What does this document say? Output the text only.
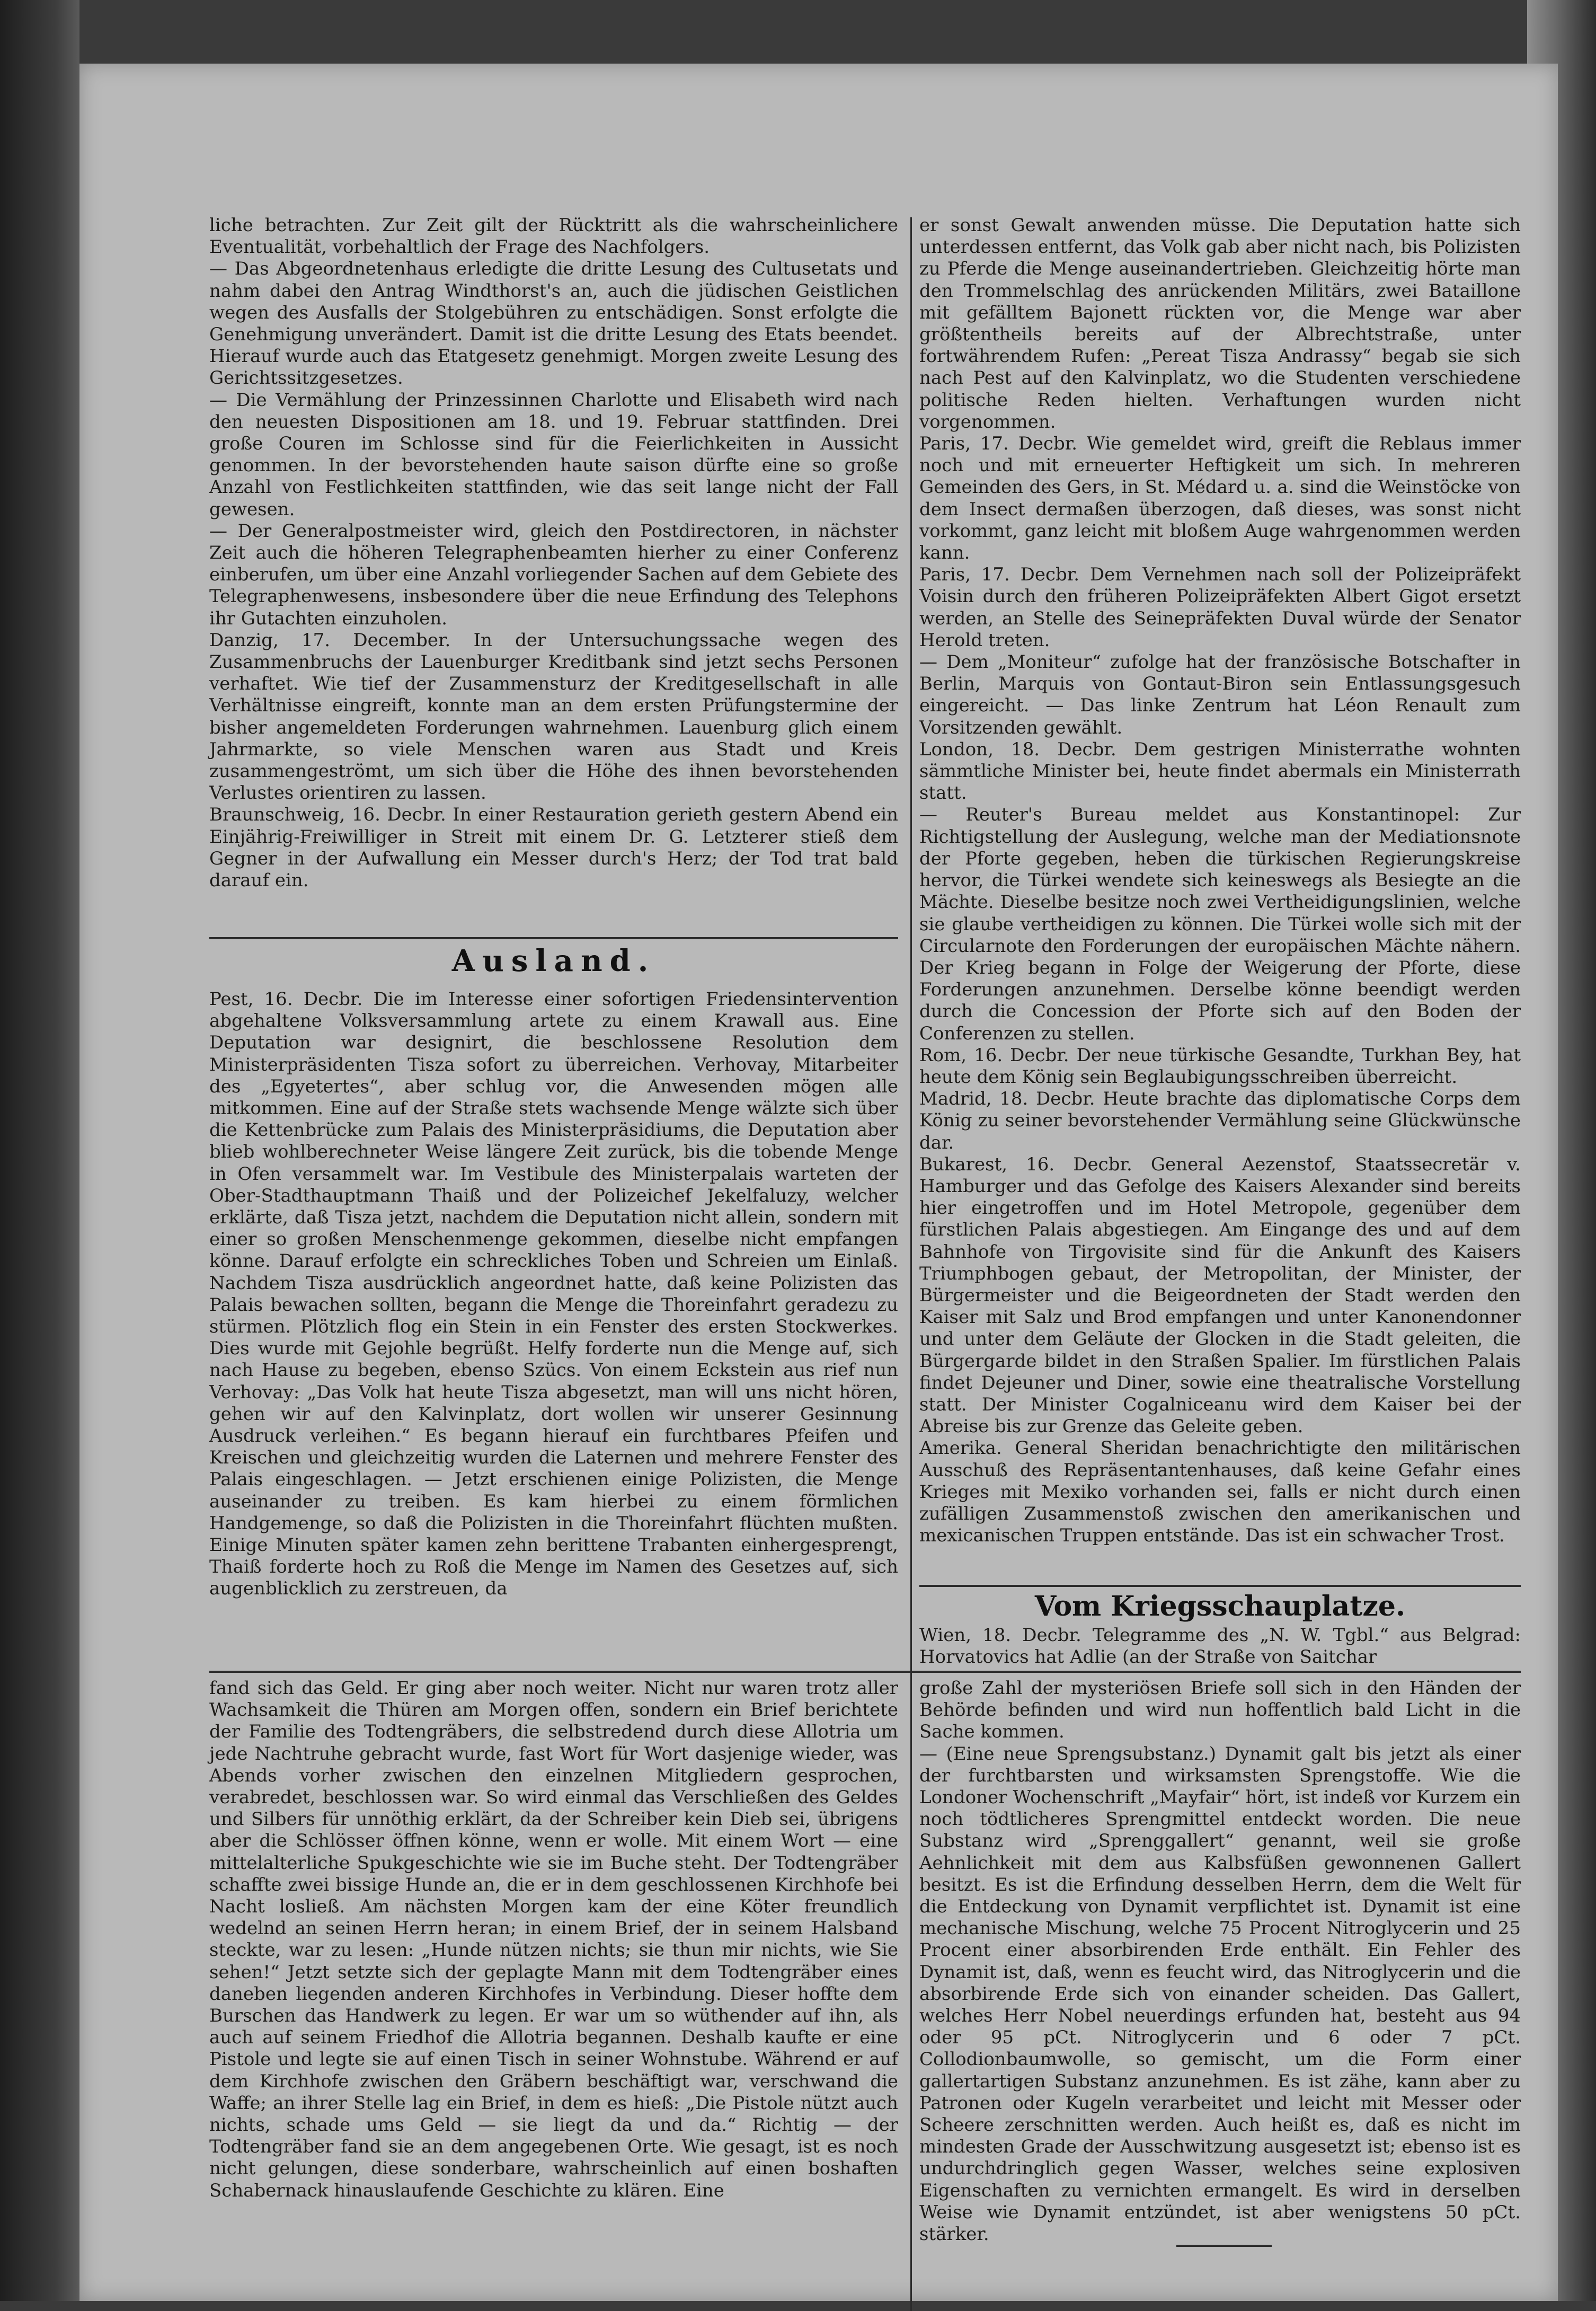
liche betrachten. Zur Zeit gilt der Rücktritt als die wahrscheinlichere Eventualität, vorbehaltlich der Frage des Nachfolgers.

— Das Abgeordnetenhaus erledigte die dritte Lesung des Cultusetats und nahm dabei den Antrag Windthorst's an, auch die jüdischen Geistlichen wegen des Ausfalls der Stolgebühren zu entschädigen. Sonst erfolgte die Genehmigung unverändert. Damit ist die dritte Lesung des Etats beendet. Hierauf wurde auch das Etatgesetz genehmigt. Morgen zweite Lesung des Gerichtssitzgesetzes.

— Die Vermählung der Prinzessinnen Charlotte und Elisabeth wird nach den neuesten Dispositionen am 18. und 19. Februar stattfinden. Drei große Couren im Schlosse sind für die Feierlichkeiten in Aussicht genommen. In der bevorstehenden haute saison dürfte eine so große Anzahl von Festlichkeiten stattfinden, wie das seit lange nicht der Fall gewesen.

— Der Generalpostmeister wird, gleich den Postdirectoren, in nächster Zeit auch die höheren Telegraphenbeamten hierher zu einer Conferenz einberufen, um über eine Anzahl vorliegender Sachen auf dem Gebiete des Telegraphenwesens, insbesondere über die neue Erfindung des Telephons ihr Gutachten einzuholen.

Danzig, 17. December. In der Untersuchungssache wegen des Zusammenbruchs der Lauenburger Kreditbank sind jetzt sechs Personen verhaftet. Wie tief der Zusammensturz der Kreditgesellschaft in alle Verhältnisse eingreift, konnte man an dem ersten Prüfungstermine der bisher angemeldeten Forderungen wahrnehmen. Lauenburg glich einem Jahrmarkte, so viele Menschen waren aus Stadt und Kreis zusammengeströmt, um sich über die Höhe des ihnen bevorstehenden Verlustes orientiren zu lassen.

Braunschweig, 16. Decbr. In einer Restauration gerieth gestern Abend ein Einjährig-Freiwilliger in Streit mit einem Dr. G. Letzterer stieß dem Gegner in der Aufwallung ein Messer durch's Herz; der Tod trat bald darauf ein.

Ausland.

Pest, 16. Decbr. Die im Interesse einer sofortigen Friedensintervention abgehaltene Volksversammlung artete zu einem Krawall aus. Eine Deputation war designirt, die beschlossene Resolution dem Ministerpräsidenten Tisza sofort zu überreichen. Verhovay, Mitarbeiter des „Egyetertes“, aber schlug vor, die Anwesenden mögen alle mitkommen. Eine auf der Straße stets wachsende Menge wälzte sich über die Kettenbrücke zum Palais des Ministerpräsidiums, die Deputation aber blieb wohlberechneter Weise längere Zeit zurück, bis die tobende Menge in Ofen versammelt war. Im Vestibule des Ministerpalais warteten der Ober-Stadthauptmann Thaiß und der Polizeichef Jekelfaluzy, welcher erklärte, daß Tisza jetzt, nachdem die Deputation nicht allein, sondern mit einer so großen Menschenmenge gekommen, dieselbe nicht empfangen könne. Darauf erfolgte ein schreckliches Toben und Schreien um Einlaß. Nachdem Tisza ausdrücklich angeordnet hatte, daß keine Polizisten das Palais bewachen sollten, begann die Menge die Thoreinfahrt geradezu zu stürmen. Plötzlich flog ein Stein in ein Fenster des ersten Stockwerkes. Dies wurde mit Gejohle begrüßt. Helfy forderte nun die Menge auf, sich nach Hause zu begeben, ebenso Szücs. Von einem Eckstein aus rief nun Verhovay: „Das Volk hat heute Tisza abgesetzt, man will uns nicht hören, gehen wir auf den Kalvinplatz, dort wollen wir unserer Gesinnung Ausdruck verleihen.“ Es begann hierauf ein furchtbares Pfeifen und Kreischen und gleichzeitig wurden die Laternen und mehrere Fenster des Palais eingeschlagen. — Jetzt erschienen einige Polizisten, die Menge auseinander zu treiben. Es kam hierbei zu einem förmlichen Handgemenge, so daß die Polizisten in die Thoreinfahrt flüchten mußten. Einige Minuten später kamen zehn berittene Trabanten einhergesprengt, Thaiß forderte hoch zu Roß die Menge im Namen des Gesetzes auf, sich augenblicklich zu zerstreuen, da

er sonst Gewalt anwenden müsse. Die Deputation hatte sich unterdessen entfernt, das Volk gab aber nicht nach, bis Polizisten zu Pferde die Menge auseinandertrieben. Gleichzeitig hörte man den Trommelschlag des anrückenden Militärs, zwei Bataillone mit gefälltem Bajonett rückten vor, die Menge war aber größtentheils bereits auf der Albrechtstraße, unter fortwährendem Rufen: „Pereat Tisza Andrassy“ begab sie sich nach Pest auf den Kalvinplatz, wo die Studenten verschiedene politische Reden hielten. Verhaftungen wurden nicht vorgenommen.

Paris, 17. Decbr. Wie gemeldet wird, greift die Reblaus immer noch und mit erneuerter Heftigkeit um sich. In mehreren Gemeinden des Gers, in St. Médard u. a. sind die Weinstöcke von dem Insect dermaßen überzogen, daß dieses, was sonst nicht vorkommt, ganz leicht mit bloßem Auge wahrgenommen werden kann.

Paris, 17. Decbr. Dem Vernehmen nach soll der Polizeipräfekt Voisin durch den früheren Polizeipräfekten Albert Gigot ersetzt werden, an Stelle des Seinepräfekten Duval würde der Senator Herold treten.

— Dem „Moniteur“ zufolge hat der französische Botschafter in Berlin, Marquis von Gontaut-Biron sein Entlassungsgesuch eingereicht. — Das linke Zentrum hat Léon Renault zum Vorsitzenden gewählt.

London, 18. Decbr. Dem gestrigen Ministerrathe wohnten sämmtliche Minister bei, heute findet abermals ein Ministerrath statt.

— Reuter's Bureau meldet aus Konstantinopel: Zur Richtigstellung der Auslegung, welche man der Mediationsnote der Pforte gegeben, heben die türkischen Regierungskreise hervor, die Türkei wendete sich keineswegs als Besiegte an die Mächte. Dieselbe besitze noch zwei Vertheidigungslinien, welche sie glaube vertheidigen zu können. Die Türkei wolle sich mit der Circularnote den Forderungen der europäischen Mächte nähern. Der Krieg begann in Folge der Weigerung der Pforte, diese Forderungen anzunehmen. Derselbe könne beendigt werden durch die Concession der Pforte sich auf den Boden der Conferenzen zu stellen.

Rom, 16. Decbr. Der neue türkische Gesandte, Turkhan Bey, hat heute dem König sein Beglaubigungsschreiben überreicht.

Madrid, 18. Decbr. Heute brachte das diplomatische Corps dem König zu seiner bevorstehender Vermählung seine Glückwünsche dar.

Bukarest, 16. Decbr. General Aezenstof, Staatssecretär v. Hamburger und das Gefolge des Kaisers Alexander sind bereits hier eingetroffen und im Hotel Metropole, gegenüber dem fürstlichen Palais abgestiegen. Am Eingange des und auf dem Bahnhofe von Tirgovisite sind für die Ankunft des Kaisers Triumphbogen gebaut, der Metropolitan, der Minister, der Bürgermeister und die Beigeordneten der Stadt werden den Kaiser mit Salz und Brod empfangen und unter Kanonendonner und unter dem Geläute der Glocken in die Stadt geleiten, die Bürgergarde bildet in den Straßen Spalier. Im fürstlichen Palais findet Dejeuner und Diner, sowie eine theatralische Vorstellung statt. Der Minister Cogalniceanu wird dem Kaiser bei der Abreise bis zur Grenze das Geleite geben.

Amerika. General Sheridan benachrichtigte den militärischen Ausschuß des Repräsentantenhauses, daß keine Gefahr eines Krieges mit Mexiko vorhanden sei, falls er nicht durch einen zufälligen Zusammenstoß zwischen den amerikanischen und mexicanischen Truppen entstände. Das ist ein schwacher Trost.

Vom Kriegsschauplatze.

Wien, 18. Decbr. Telegramme des „N. W. Tgbl.“ aus Belgrad: Horvatovics hat Adlie (an der Straße von Saitchar

fand sich das Geld. Er ging aber noch weiter. Nicht nur waren trotz aller Wachsamkeit die Thüren am Morgen offen, sondern ein Brief berichtete der Familie des Todtengräbers, die selbstredend durch diese Allotria um jede Nachtruhe gebracht wurde, fast Wort für Wort dasjenige wieder, was Abends vorher zwischen den einzelnen Mitgliedern gesprochen, verabredet, beschlossen war. So wird einmal das Verschließen des Geldes und Silbers für unnöthig erklärt, da der Schreiber kein Dieb sei, übrigens aber die Schlösser öffnen könne, wenn er wolle. Mit einem Wort — eine mittelalterliche Spukgeschichte wie sie im Buche steht. Der Todtengräber schaffte zwei bissige Hunde an, die er in dem geschlossenen Kirchhofe bei Nacht losließ. Am nächsten Morgen kam der eine Köter freundlich wedelnd an seinen Herrn heran; in einem Brief, der in seinem Halsband steckte, war zu lesen: „Hunde nützen nichts; sie thun mir nichts, wie Sie sehen!“ Jetzt setzte sich der geplagte Mann mit dem Todtengräber eines daneben liegenden anderen Kirchhofes in Verbindung. Dieser hoffte dem Burschen das Handwerk zu legen. Er war um so wüthender auf ihn, als auch auf seinem Friedhof die Allotria begannen. Deshalb kaufte er eine Pistole und legte sie auf einen Tisch in seiner Wohnstube. Während er auf dem Kirchhofe zwischen den Gräbern beschäftigt war, verschwand die Waffe; an ihrer Stelle lag ein Brief, in dem es hieß: „Die Pistole nützt auch nichts, schade ums Geld — sie liegt da und da.“ Richtig — der Todtengräber fand sie an dem angegebenen Orte. Wie gesagt, ist es noch nicht gelungen, diese sonderbare, wahrscheinlich auf einen boshaften Schabernack hinauslaufende Geschichte zu klären. Eine

große Zahl der mysteriösen Briefe soll sich in den Händen der Behörde befinden und wird nun hoffentlich bald Licht in die Sache kommen.

— (Eine neue Sprengsubstanz.) Dynamit galt bis jetzt als einer der furchtbarsten und wirksamsten Sprengstoffe. Wie die Londoner Wochenschrift „Mayfair“ hört, ist indeß vor Kurzem ein noch tödtlicheres Sprengmittel entdeckt worden. Die neue Substanz wird „Sprenggallert“ genannt, weil sie große Aehnlichkeit mit dem aus Kalbsfüßen gewonnenen Gallert besitzt. Es ist die Erfindung desselben Herrn, dem die Welt für die Entdeckung von Dynamit verpflichtet ist. Dynamit ist eine mechanische Mischung, welche 75 Procent Nitroglycerin und 25 Procent einer absorbirenden Erde enthält. Ein Fehler des Dynamit ist, daß, wenn es feucht wird, das Nitroglycerin und die absorbirende Erde sich von einander scheiden. Das Gallert, welches Herr Nobel neuerdings erfunden hat, besteht aus 94 oder 95 pCt. Nitroglycerin und 6 oder 7 pCt. Collodionbaumwolle, so gemischt, um die Form einer gallertartigen Substanz anzunehmen. Es ist zähe, kann aber zu Patronen oder Kugeln verarbeitet und leicht mit Messer oder Scheere zerschnitten werden. Auch heißt es, daß es nicht im mindesten Grade der Ausschwitzung ausgesetzt ist; ebenso ist es undurchdringlich gegen Wasser, welches seine explosiven Eigenschaften zu vernichten ermangelt. Es wird in derselben Weise wie Dynamit entzündet, ist aber wenigstens 50 pCt. stärker.
